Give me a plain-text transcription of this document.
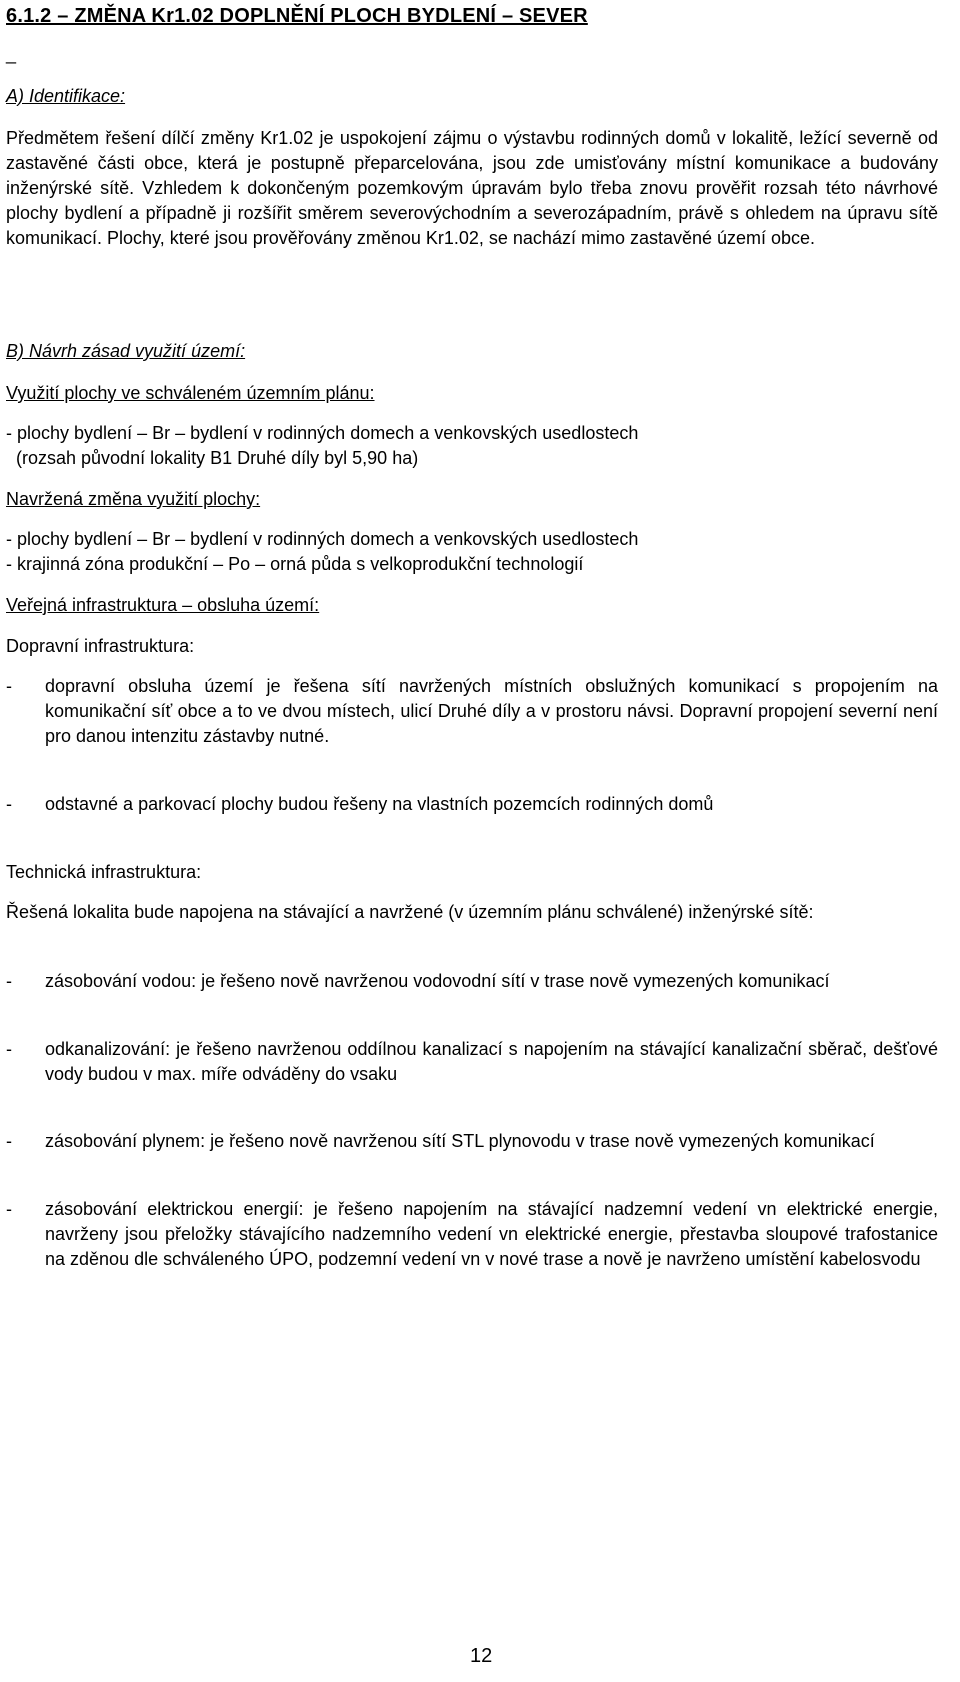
6.1.2 – ZMĚNA Kr1.02 DOPLNĚNÍ PLOCH BYDLENÍ – SEVER
_
A) Identifikace:

Předmětem řešení dílčí změny Kr1.02 je uspokojení zájmu o výstavbu rodinných domů v lokalitě, ležící severně od zastavěné části obce, která je postupně přeparcelována, jsou zde umisťovány místní komunikace a budovány inženýrské sítě. Vzhledem k dokončeným pozemkovým úpravám bylo třeba znovu prověřit rozsah této návrhové plochy bydlení a případně ji rozšířit směrem severovýchodním a severozápadním, právě s ohledem na úpravu sítě komunikací. Plochy, které jsou prověřovány změnou Kr1.02, se nachází mimo zastavěné území obce.

B) Návrh zásad využití území:
Využití plochy ve schváleném územním plánu:
- plochy bydlení – Br – bydlení v rodinných domech a venkovských usedlostech
(rozsah původní lokality B1 Druhé díly byl 5,90 ha)
Navržená změna využití plochy:
- plochy bydlení – Br – bydlení v rodinných domech a venkovských usedlostech
- krajinná zóna produkční – Po – orná půda s velkoprodukční technologií
Veřejná infrastruktura – obsluha území:
Dopravní infrastruktura:
- dopravní obsluha území je řešena sítí navržených místních obslužných komunikací s propojením na komunikační síť obce a to ve dvou místech, ulicí Druhé díly a v prostoru návsi. Dopravní propojení severní není pro danou intenzitu zástavby nutné.
- odstavné a parkovací plochy budou řešeny na vlastních pozemcích rodinných domů
Technická infrastruktura:

Řešená lokalita bude napojena na stávající a navržené (v územním plánu schválené) inženýrské sítě:

- zásobování vodou: je řešeno nově navrženou vodovodní sítí v trase nově vymezených komunikací
- odkanalizování: je řešeno navrženou oddílnou kanalizací s napojením na stávající kanalizační sběrač, dešťové vody budou v max. míře odváděny do vsaku
- zásobování plynem: je řešeno nově navrženou sítí STL plynovodu v trase nově vymezených komunikací
- zásobování elektrickou energií: je řešeno napojením na stávající nadzemní vedení vn elektrické energie, navrženy jsou přeložky stávajícího nadzemního vedení vn elektrické energie, přestavba sloupové trafostanice na zděnou dle schváleného ÚPO, podzemní vedení vn v nové trase a nově je navrženo umístění kabelosvodu
12
